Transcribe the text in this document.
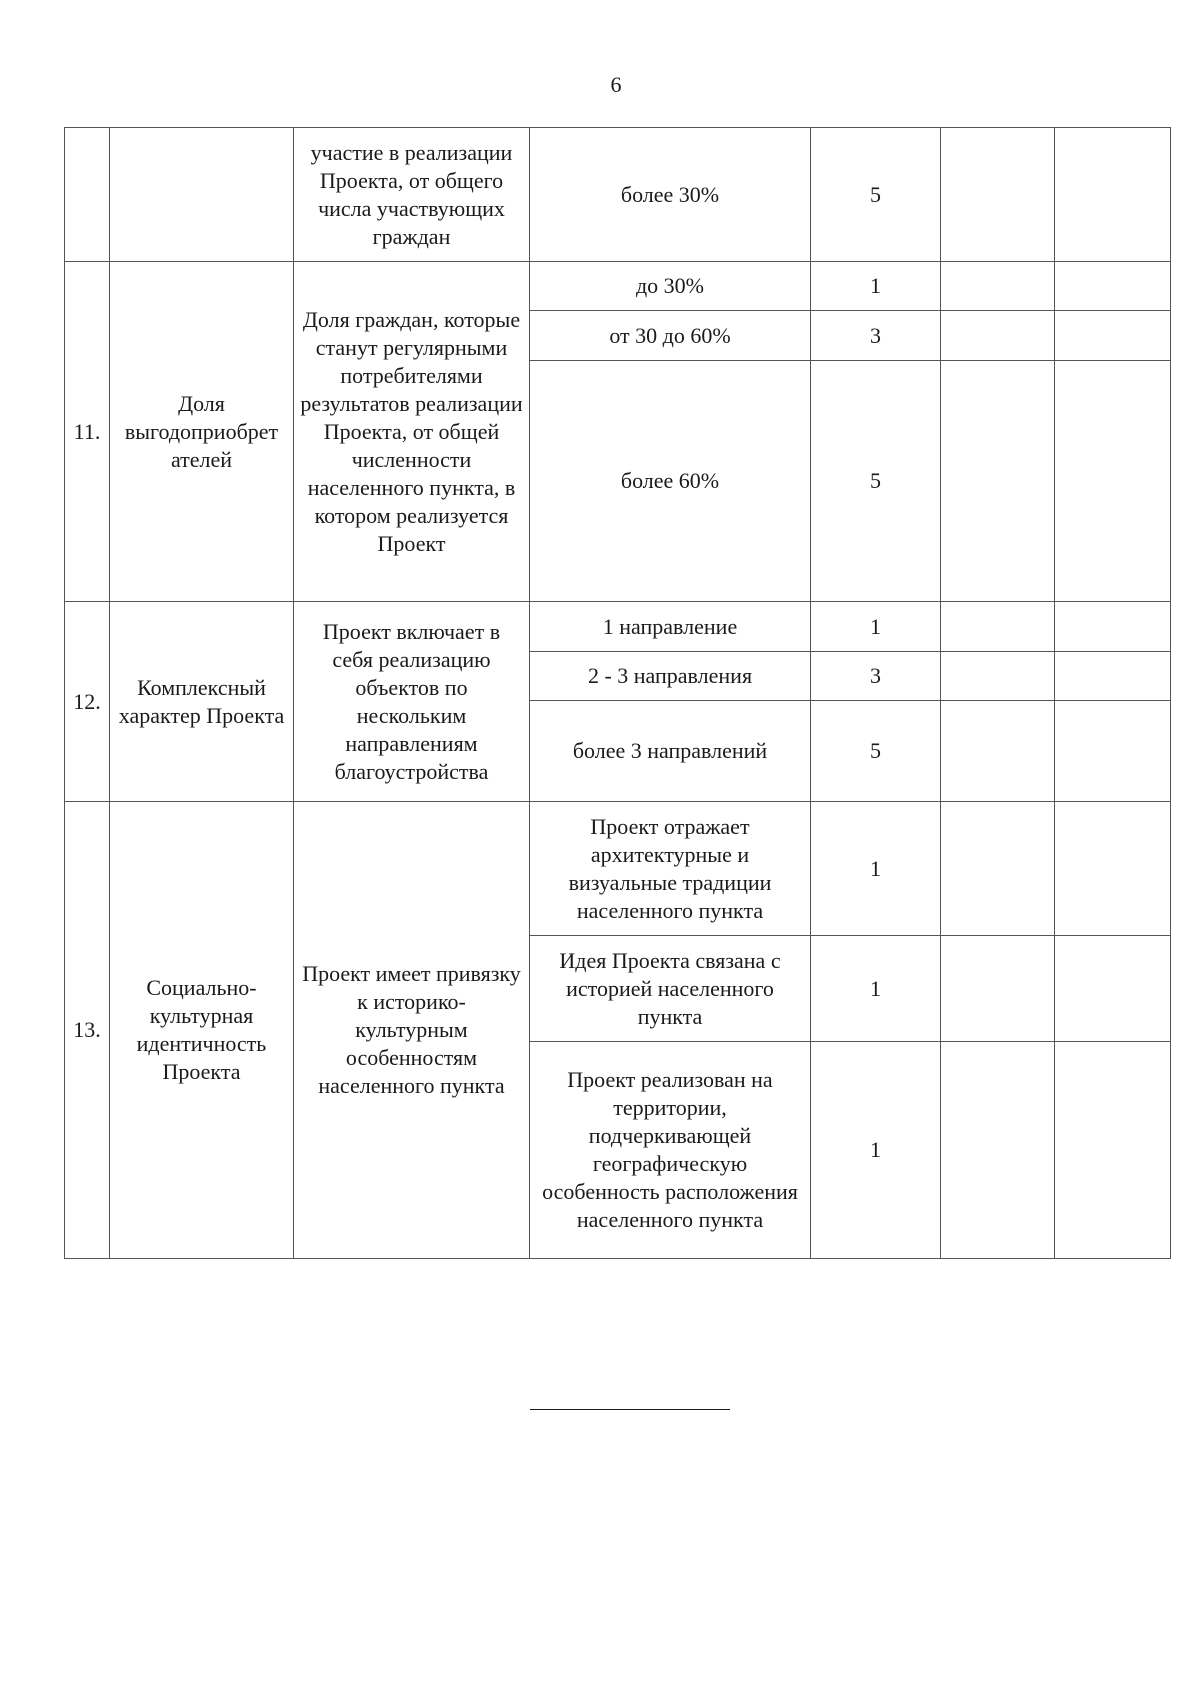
6
		участие в реализации Проекта, от общего числа участвующих граждан	более 30%	5		
11.	Доля выгодоприобрет ателей	Доля граждан, которые станут регулярными потребителями результатов реализации Проекта, от общей численности населенного пункта, в котором реализуется Проект	до 30%	1		
			от 30 до 60%	3		
			более 60%	5		
12.	Комплексный характер Проекта	Проект включает в себя реализацию объектов по нескольким направлениям благоустройства	1 направление	1		
			2 - 3 направления	3		
			более 3 направлений	5		
13.	Социально- культурная идентичность Проекта	Проект имеет привязку к историко- культурным особенностям населенного пункта	Проект отражает архитектурные и визуальные традиции населенного пункта	1		
			Идея Проекта связана с историей населенного пункта	1		
			Проект реализован на территории, подчеркивающей географическую особенность расположения населенного пункта	1		
